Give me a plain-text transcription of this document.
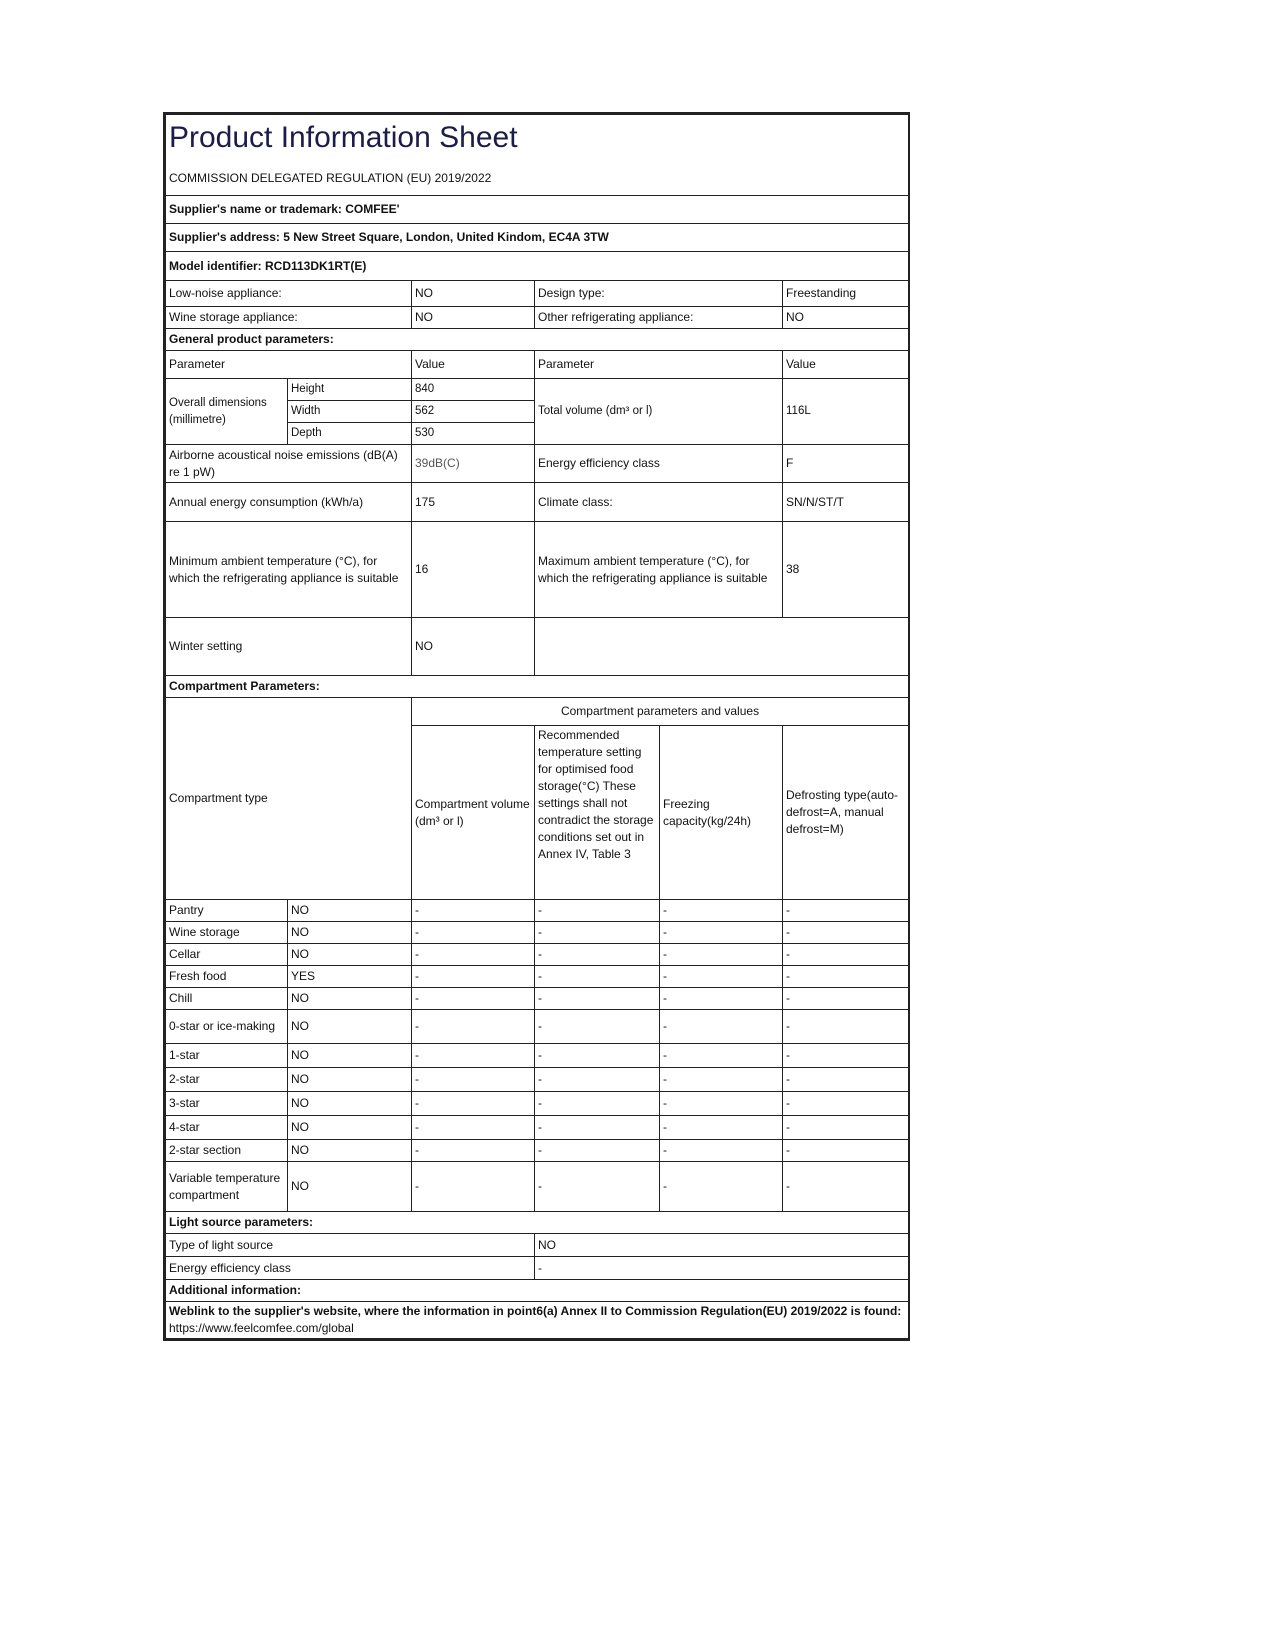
Product Information Sheet
COMMISSION DELEGATED REGULATION (EU) 2019/2022					

Supplier's name or trademark: COMFEE'					
Supplier's address: 5 New Street Square, London, United Kindom, EC4A 3TW					
Model identifier: RCD113DK1RT(E)					
Low-noise appliance:		NO	Design type:		Freestanding
Wine storage appliance:		NO	Other refrigerating appliance:		NO
General product parameters:					
Parameter		Value	Parameter		Value
Overall dimensions (millimetre)	Height	840	Total volume (dm³ or l)		116L
	Width	562			
	Depth	530			
Airborne acoustical noise emissions (dB(A) re 1 pW)		39dB(C)	Energy efficiency class		F
Annual energy consumption (kWh/a)		175	Climate class:		SN/N/ST/T
Minimum ambient temperature (°C), for which the refrigerating appliance is suitable		16	Maximum ambient temperature (°C), for which the refrigerating appliance is suitable		38
Winter setting		NO			
Compartment Parameters:					
Compartment type		Compartment parameters and values			
		Compartment volume (dm³ or l)	Recommended temperature setting for optimised food storage(°C) These settings shall not contradict the storage conditions set out in Annex IV, Table 3	Freezing capacity(kg/24h)	Defrosting type(auto-defrost=A, manual defrost=M)
Pantry	NO	-	-	-	-
Wine storage	NO	-	-	-	-
Cellar	NO	-	-	-	-
Fresh food	YES	-	-	-	-
Chill	NO	-	-	-	-
0-star or ice-making	NO	-	-	-	-
1-star	NO	-	-	-	-
2-star	NO	-	-	-	-
3-star	NO	-	-	-	-
4-star	NO	-	-	-	-
2-star section	NO	-	-	-	-
Variable temperature compartment	NO	-	-	-	-
Light source parameters:					
Type of light source			NO		
Energy efficiency class			-		
Additional information:					

Weblink to the supplier's website, where the information in point6(a) Annex II to Commission Regulation(EU) 2019/2022 is found:
https://www.feelcomfee.com/global					
